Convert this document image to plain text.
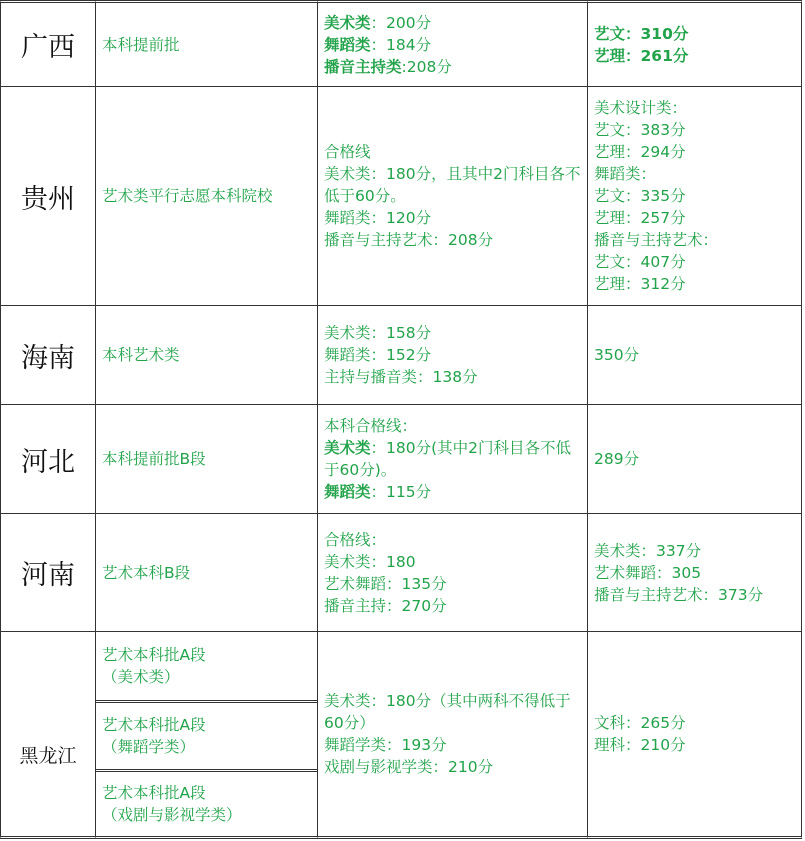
广西 本科提前批
美术类：200分
舞蹈类：184分
播音主持类:208分
艺文：310分
艺理：261分
贵州 艺术类平行志愿本科院校
合格线
美术类：180分，且其中2门科目各不低于60分。
舞蹈类：120分
播音与主持艺术：208分
美术设计类：
艺文：383分
艺理：294分
舞蹈类：
艺文：335分
艺理：257分
播音与主持艺术：
艺文：407分
艺理：312分
海南 本科艺术类
美术类：158分
舞蹈类：152分
主持与播音类：138分
350分
河北 本科提前批B段
本科合格线：
美术类：180分(其中2门科目各不低于60分)。
舞蹈类：115分
289分
河南 艺术本科B段
合格线：
美术类：180
艺术舞蹈：135分
播音主持：270分
美术类：337分
艺术舞蹈：305
播音与主持艺术：373分
黑龙江
艺术本科批A段
（美术类）
艺术本科批A段
（舞蹈学类）
艺术本科批A段
（戏剧与影视学类）
美术类：180分（其中两科不得低于60分）
舞蹈学类：193分
戏剧与影视学类：210分
文科：265分
理科：210分
